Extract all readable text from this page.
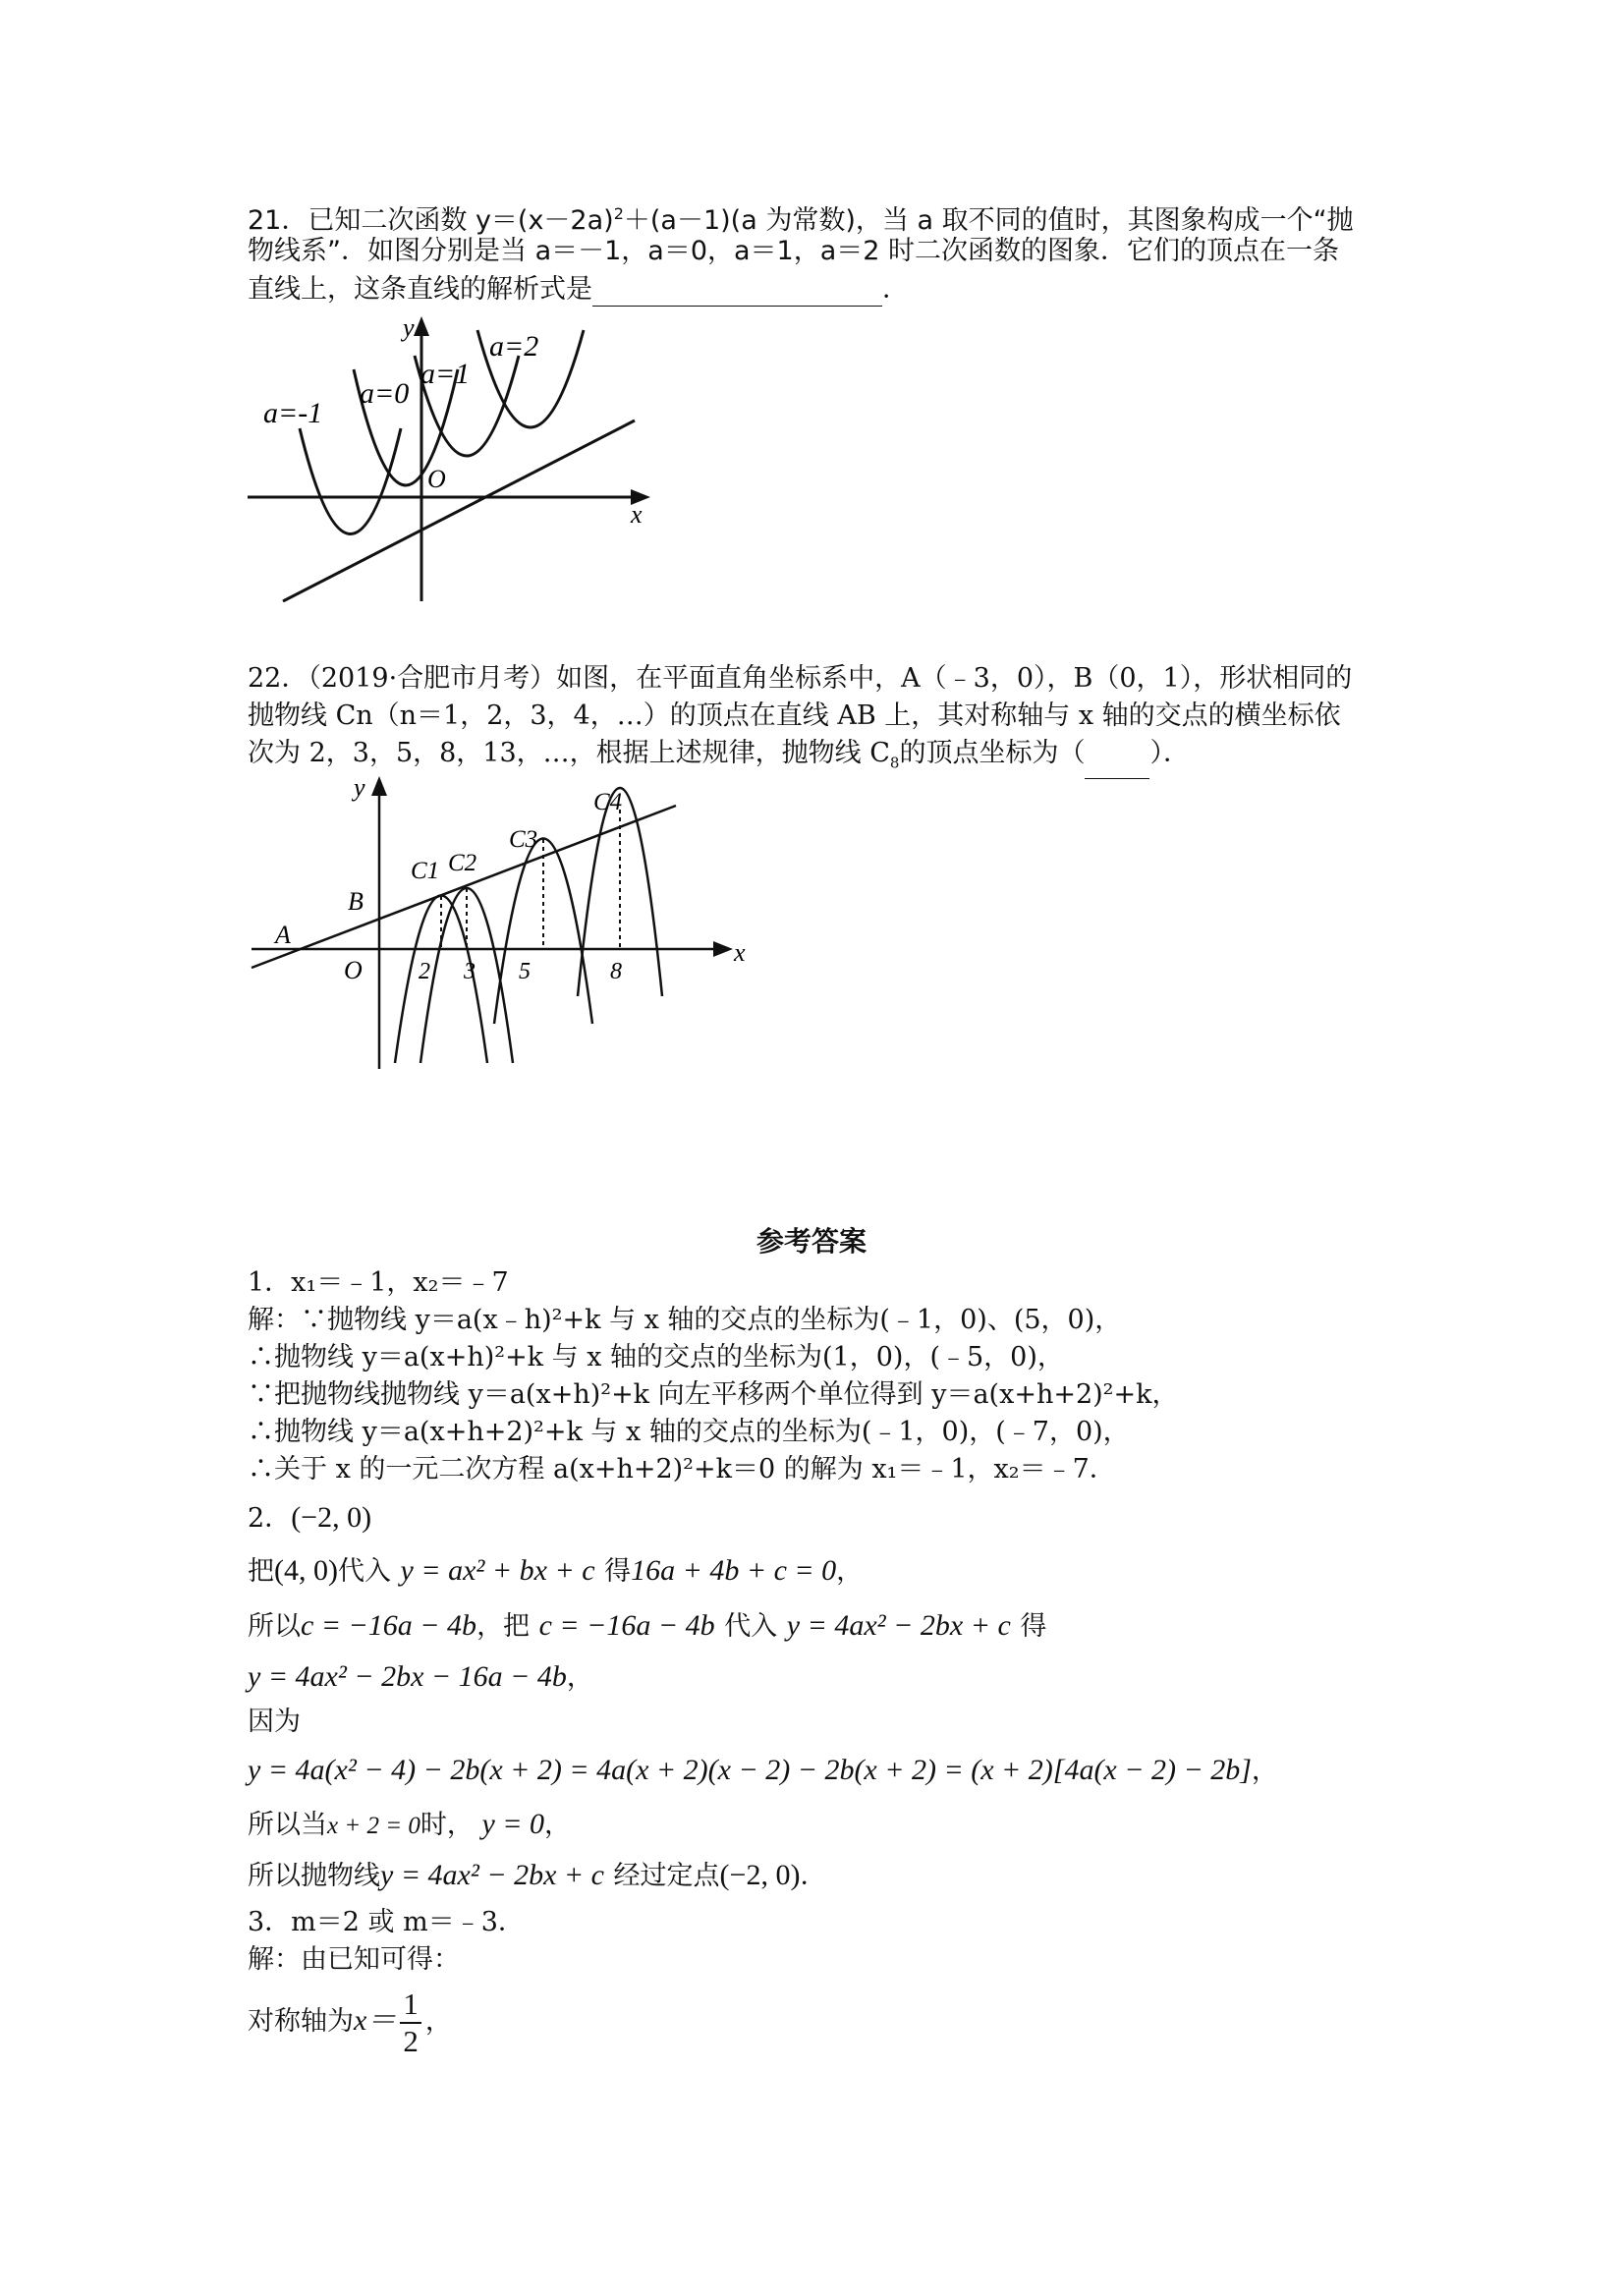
21．已知二次函数 $y=(x-2a)^2+(a-1)(a$ 为常数)，当 a 取不同的值时，其图象构成一个“抛
物线系”．如图分别是当 a＝－1，a＝0，a＝1，a＝2 时二次函数的图象．它们的顶点在一条
直线上，这条直线的解析式是	．
x
y
O
a=-1
a=0
a=1
a=2
22．（2019·合肥市月考）如图，在平面直角坐标系中，A（﹣3，0），B（0，1），形状相同的
抛物线 Cn（n＝1，2，3，4，…）的顶点在直线 AB 上，其对称轴与 x 轴的交点的横坐标依
次为 2，3，5，8，13，…，根据上述规律，抛物线 $C_8$的顶点坐标为（ ）．
x
y
O
A
B
2 3 5	8
C1 C2
C3
C4
参考答案
1．x₁＝﹣1，x₂＝﹣7
解：∵抛物线 y＝a(x﹣h)²+k 与 x 轴的交点的坐标为(﹣1，0)、(5，0)，
∴抛物线 y＝a(x+h)²+k 与 x 轴的交点的坐标为(1，0)，(﹣5，0)，
∵把抛物线抛物线 y＝a(x+h)²+k 向左平移两个单位得到 y＝a(x+h+2)²+k，
∴抛物线 y＝a(x+h+2)²+k 与 x 轴的交点的坐标为(﹣1，0)，(﹣7，0)，
∴关于 x 的一元二次方程 a(x+h+2)²+k＝0 的解为 x₁＝﹣1，x₂＝﹣7．
2．(−2, 0)
把(4, 0)代入 y = ax² + bx + c 得16a + 4b + c = 0，
所以c = −16a − 4b，把 c = −16a − 4b 代入 y = 4ax² − 2bx + c 得
y = 4ax² − 2bx − 16a − 4b，
因为
y = 4a(x² − 4) − 2b(x + 2) = 4a(x + 2)(x − 2) − 2b(x + 2) = (x + 2)[4a(x − 2) − 2b]，
所以当x + 2 = 0时， y = 0，
所以抛物线y = 4ax² − 2bx + c 经过定点(−2, 0)．
3．m＝2 或 m＝﹣3．
解：由已知可得：
对称轴为$x= \frac{1}{2}$ ，
